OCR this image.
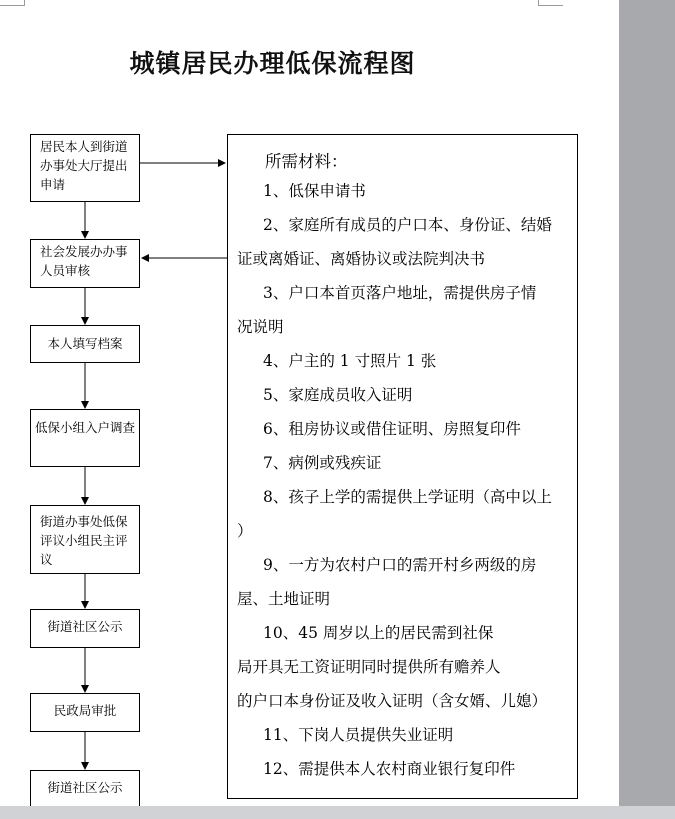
城镇居民办理低保流程图
居民本人到街道办事处大厅提出申请
社会发展办办事人员审核
本人填写档案
低保小组入户调查
街道办事处低保评议小组民主评议
街道社区公示
民政局审批
街道社区公示
所需材料：
1、低保申请书
2、家庭所有成员的户口本、身份证、结婚
证或离婚证、离婚协议或法院判决书
3、户口本首页落户地址，需提供房子情
况说明
4、户主的 1 寸照片 1 张
5、家庭成员收入证明
6、租房协议或借住证明、房照复印件
7、病例或残疾证
8、孩子上学的需提供上学证明（高中以上
）
9、一方为农村户口的需开村乡两级的房
屋、土地证明
10、45 周岁以上的居民需到社保
局开具无工资证明同时提供所有赡养人
的户口本身份证及收入证明（含女婿、儿媳）
11、下岗人员提供失业证明
12、需提供本人农村商业银行复印件
